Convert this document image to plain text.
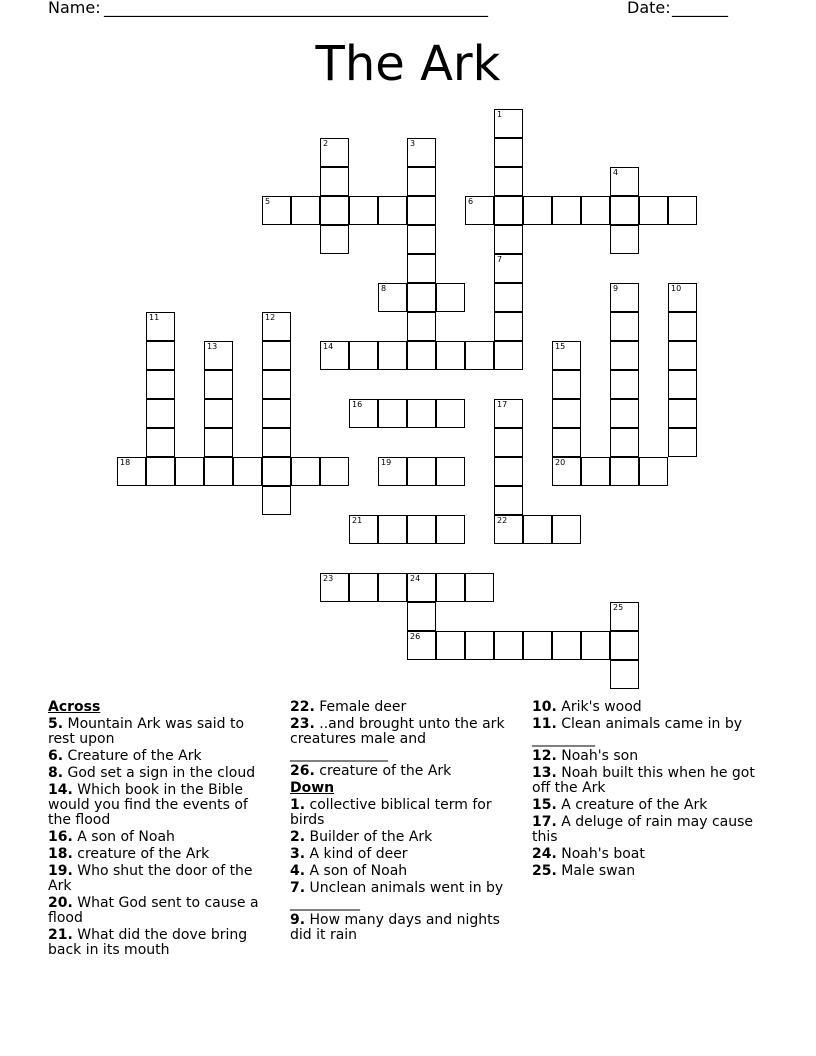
Name: ________________________________________________	Date: _______
The Ark
1
7
2	3
4
5	6
8	9	10
11	12
13	14	15
20
16	17
22
18	19
21
23	24
26
25
Across

5. Mountain Ark was said to rest upon

6. Creature of the Ark

8. God set a sign in the cloud

14. Which book in the Bible would you find the events of the flood

16. A son of Noah

18. creature of the Ark

19. Who shut the door of the Ark

20. What God sent to cause a flood

21. What did the dove bring back in its mouth

22. Female deer

23. ..and brought unto the ark creatures male and ______________

26. creature of the Ark

Down

1. collective biblical term for birds

2. Builder of the Ark

3. A kind of deer

4. A son of Noah

7. Unclean animals went in by __________

9. How many days and nights did it rain

10. Arik's wood

11. Clean animals came in by _________

12. Noah's son

13. Noah built this when he got off the Ark

15. A creature of the Ark

17. A deluge of rain may cause this

24. Noah's boat

25. Male swan
